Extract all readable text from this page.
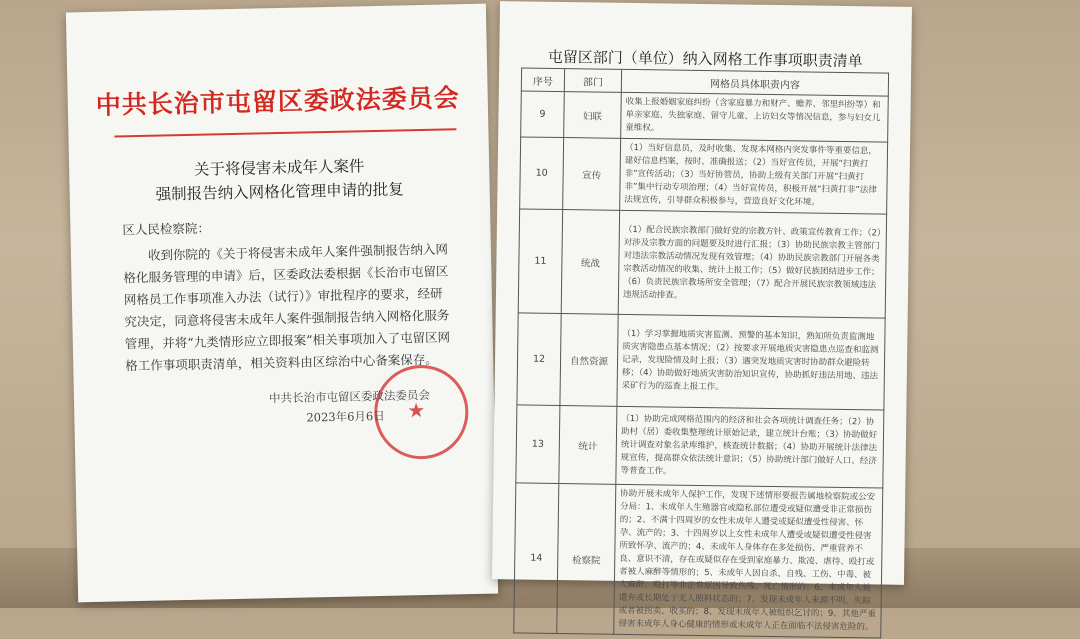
中共长治市屯留区委政法委员会
关于将侵害未成年人案件
强制报告纳入网格化管理申请的批复

区人民检察院：

收到你院的《关于将侵害未成年人案件强制报告纳入网格化服务管理的申请》后，区委政法委根据《长治市屯留区网格员工作事项准入办法（试行）》审批程序的要求，经研究决定，同意将侵害未成年人案件强制报告纳入网格化服务管理，并将“九类情形应立即报案”相关事项加入了屯留区网格工作事项职责清单，相关资料由区综治中心备案保存。

★
中共长治市屯留区委政法委员会
2023年6月6日
屯留区部门（单位）纳入网格工作事项职责清单
序号	部门	网格员具体职责内容
9	妇联	收集上报婚姻家庭纠纷（含家庭暴力和财产、赡养、邻里纠纷等）和单亲家庭、失独家庭、留守儿童、上访妇女等情况信息，参与妇女儿童维权。
10	宣传	（1）当好信息员，及时收集、发现本网格内突发事件等重要信息，建好信息档案，按时、准确报送；（2）当好宣传员，开展“扫黄打非”宣传活动；（3）当好协管员，协助上级有关部门开展“扫黄打非”集中行动专项治理；（4）当好宣传员，积极开展“扫黄打非”法律法规宣传，引导群众积极参与，营造良好文化环境。
11	统战	（1）配合民族宗教部门做好党的宗教方针、政策宣传教育工作；（2）对涉及宗教方面的问题要及时进行汇报；（3）协助民族宗教主管部门对违法宗教活动情况发现有效管理；（4）协助民族宗教部门开展各类宗教活动情况的收集、统计上报工作；（5）做好民族团结进步工作；（6）负责民族宗教场所安全管理；（7）配合开展民族宗教领域违法违规活动排查。
12	自然资源	（1）学习掌握地质灾害监测、预警的基本知识，熟知所负责监测地质灾害隐患点基本情况；（2）按要求开展地质灾害隐患点巡查和监测记录，发现险情及时上报；（3）遇突发地质灾害时协助群众避险转移；（4）协助做好地质灾害防治知识宣传，协助抓好违法用地、违法采矿行为的巡查上报工作。
13	统计	（1）协助完成网格范围内的经济和社会各项统计调查任务；（2）协助村（居）委收集整理统计原始记录，建立统计台账；（3）协助做好统计调查对象名录库维护，核查统计数据；（4）协助开展统计法律法规宣传，提高群众依法统计意识；（5）协助统计部门做好人口、经济等普查工作。
14	检察院	协助开展未成年人保护工作，发现下述情形要报告属地检察院或公安分局：1、未成年人生殖器官或隐私部位遭受或疑似遭受非正常损伤的；2、不满十四周岁的女性未成年人遭受或疑似遭受性侵害、怀孕、流产的；3、十四周岁以上女性未成年人遭受或疑似遭受性侵害所致怀孕、流产的；4、未成年人身体存在多处损伤、严重营养不良、意识不清，存在或疑似存在受到家庭暴力、欺凌、虐待、殴打或者被人麻醉等情形的；5、未成年人因自杀、自残、工伤、中毒、被人麻醉、殴打等非正常原因导致伤残、死亡情形的；6、未成年人被遗弃或长期处于无人照料状态的；7、发现未成年人来源不明、失踪或者被拐卖、收买的；8、发现未成年人被组织乞讨的；9、其他严重侵害未成年人身心健康的情形或未成年人正在面临不法侵害危险的。
